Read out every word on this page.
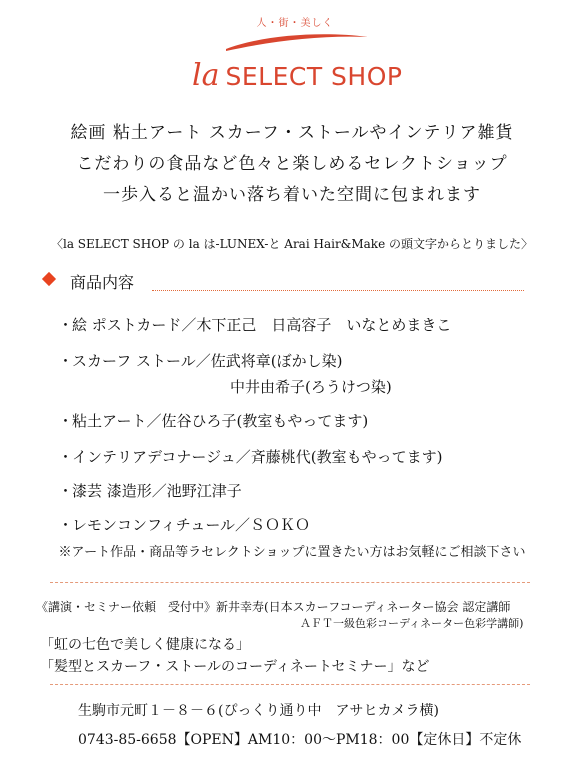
人・街・美しく
la SELECT SHOP
絵画 粘土アート スカーフ・ストールやインテリア雑貨
こだわりの食品など色々と楽しめるセレクトショップ
一歩入ると温かい落ち着いた空間に包まれます
〈la SELECT SHOP の la は-LUNEX-と Arai Hair&Make の頭文字からとりました〉
商品内容
・絵 ポストカード／木下正己　日高容子　いなとめまきこ
・スカーフ ストール／佐武将章(ぼかし染)
中井由希子(ろうけつ染)
・粘土アート／佐谷ひろ子(教室もやってます)
・インテリアデコナージュ／斉藤桃代(教室もやってます)
・漆芸 漆造形／池野江津子
・レモンコンフィチュール／ＳＯＫＯ
※アート作品・商品等ラセレクトショップに置きたい方はお気軽にご相談下さい
《講演・セミナー依頼　受付中》新井幸寿(日本スカーフコーディネーター協会 認定講師
ＡＦＴ一級色彩コーディネーター色彩学講師)
「虹の七色で美しく健康になる」
「髪型とスカーフ・ストールのコーディネートセミナー」など
生駒市元町１－８－６(ぴっくり通り中　アサヒカメラ横)
0743-85-6658【OPEN】AM10：00～PM18：00【定休日】不定休
